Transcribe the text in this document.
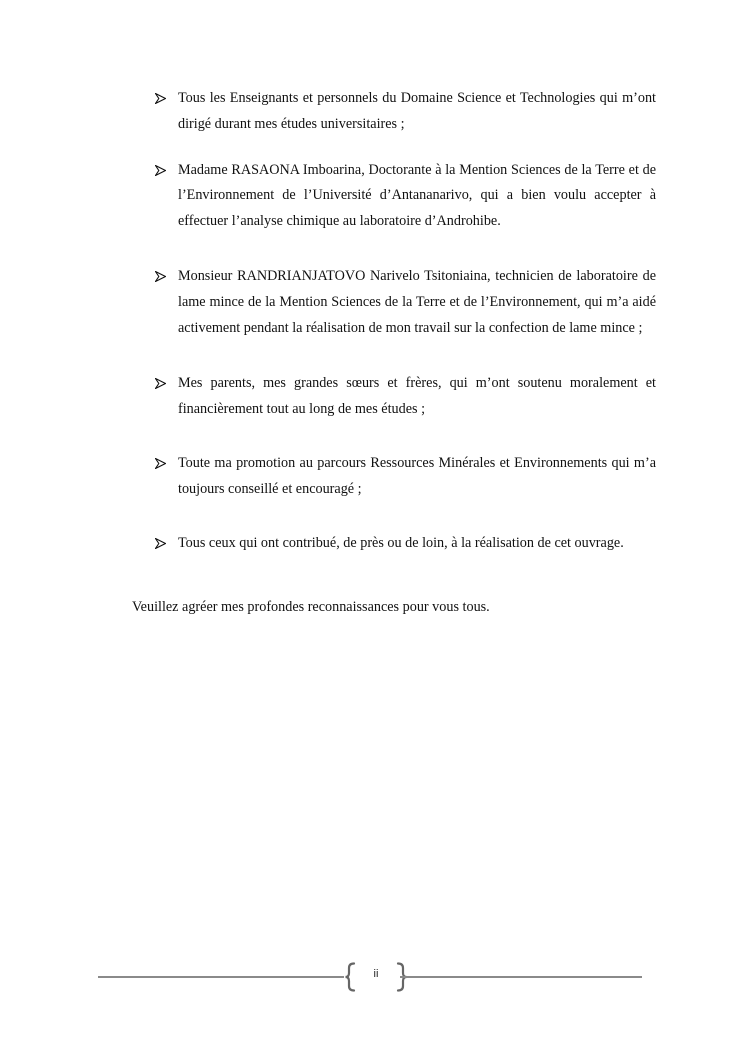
Tous les Enseignants et personnels du Domaine Science et Technologies qui m’ont dirigé durant mes études universitaires ;
Madame RASAONA Imboarina, Doctorante à la Mention Sciences de la Terre et de l’Environnement de l’Université d’Antananarivo, qui a bien voulu accepter à effectuer l’analyse chimique au laboratoire d’Androhibe.
Monsieur RANDRIANJATOVO Narivelo Tsitoniaina, technicien de laboratoire de lame mince de la Mention Sciences de la Terre et de l’Environnement, qui m’a aidé activement pendant la réalisation de mon travail sur la confection de lame mince ;
Mes parents, mes grandes sœurs et frères, qui m’ont soutenu moralement et financièrement tout au long de mes études ;
Toute ma promotion au parcours Ressources Minérales et Environnements qui m’a toujours conseillé et encouragé ;
Tous ceux qui ont contribué, de près ou de loin, à la réalisation de cet ouvrage.

Veuillez agréer mes profondes reconnaissances pour vous tous.

ii
